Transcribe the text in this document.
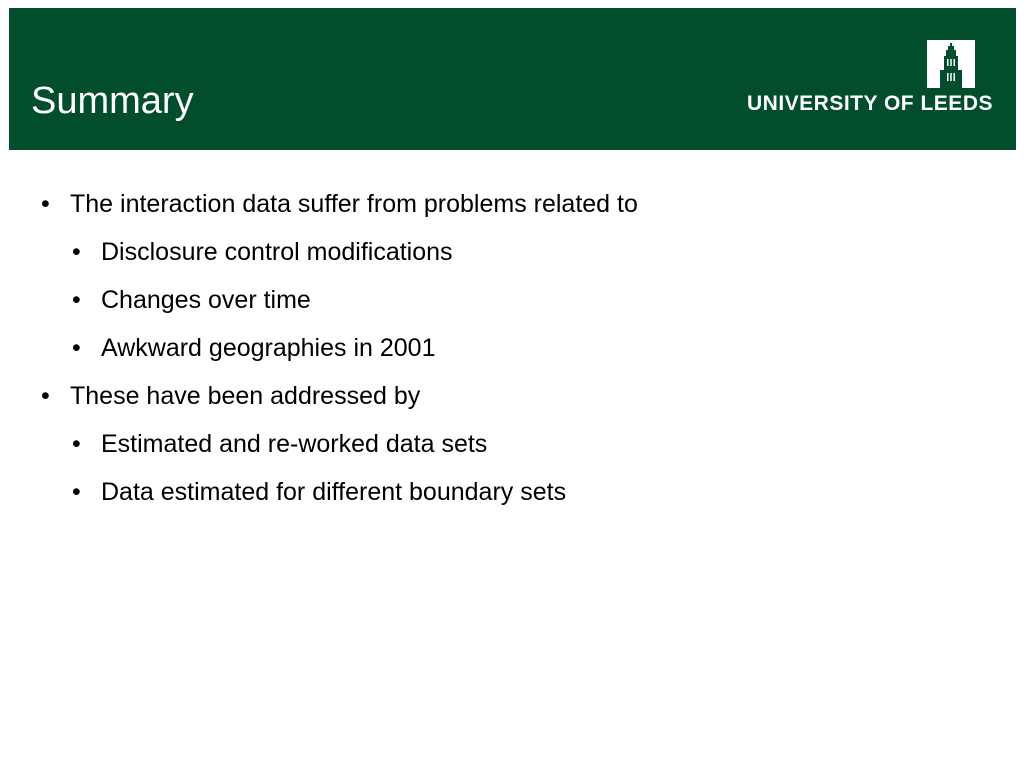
Summary	UNIVERSITY OF LEEDS
• The interaction data suffer from problems related to
• Disclosure control modifications
• Changes over time
• Awkward geographies in 2001
• These have been addressed by
• Estimated and re-worked data sets
• Data estimated for different boundary sets
